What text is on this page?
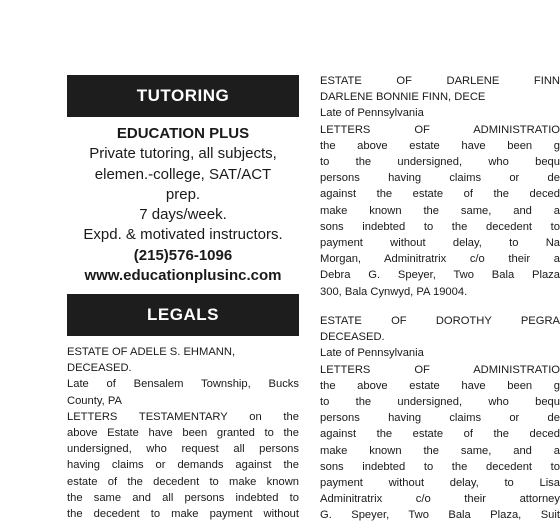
TUTORING
EDUCATION PLUS
Private tutoring, all subjects,
elemen.-college, SAT/ACT
prep.
7 days/week.
Expd. & motivated instructors.
(215)576-1096
www.educationplusinc.com
LEGALS
ESTATE OF ADELE S. EHMANN,
DECEASED.
Late of Bensalem Township, Bucks
County, PA
LETTERS TESTAMENTARY on the
above Estate have been granted to the
undersigned, who request all persons
having claims or demands against the
estate of the decedent to make known
the same and all persons indebted to
the decedent to make payment without
ESTATE OF DARLENE FINN
DARLENE BONNIE FINN, DECE
Late of Pennsylvania
LETTERS OF ADMINISTRATIO
the above estate have been g
to the undersigned, who bequ
persons having claims or de
against the estate of the deced
make known the same, and a
sons indebted to the decedent to
payment without delay, to Na
Morgan, Adminitratrix c/o their a
Debra G. Speyer, Two Bala Plaza
300, Bala Cynwyd, PA 19004.
ESTATE OF DOROTHY PEGRA
DECEASED.
Late of Pennsylvania
LETTERS OF ADMINISTRATIO
the above estate have been g
to the undersigned, who bequ
persons having claims or de
against the estate of the deced
make known the same, and a
sons indebted to the decedent to
payment without delay, to Lisa
Adminitratrix c/o their attorney
G. Speyer, Two Bala Plaza, Suit
